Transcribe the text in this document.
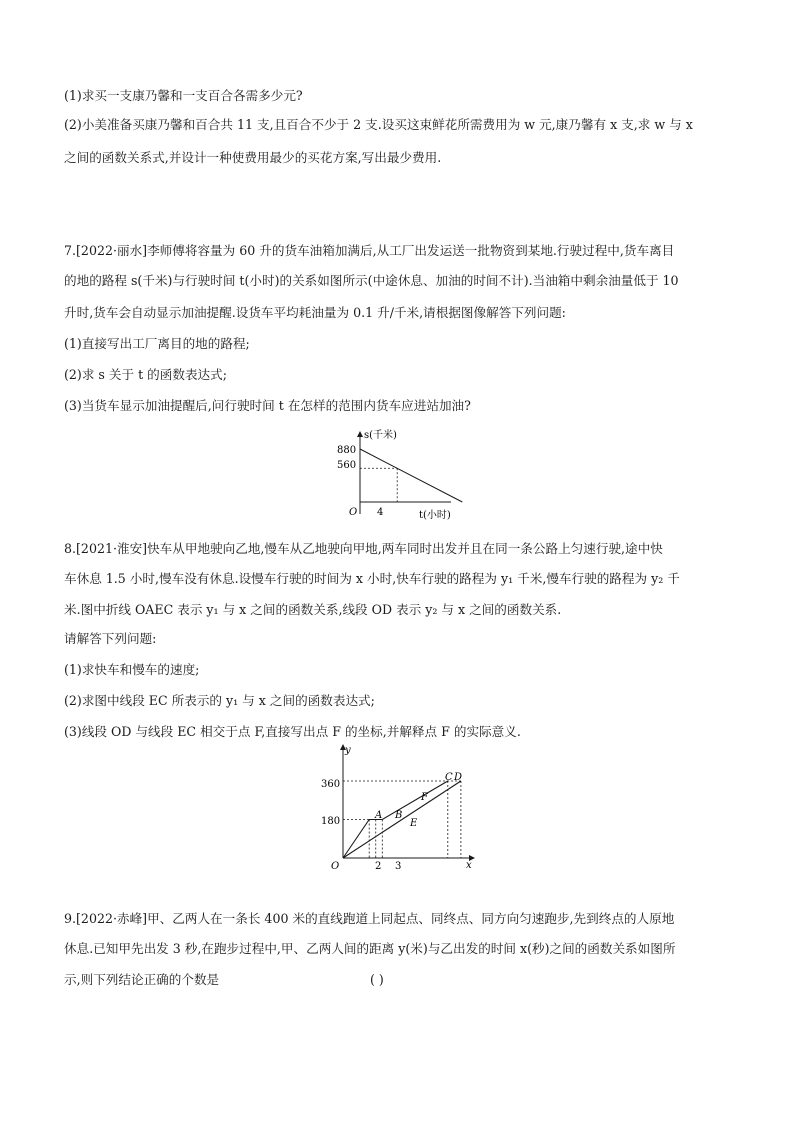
(1)求买一支康乃馨和一支百合各需多少元?
(2)小美准备买康乃馨和百合共 11 支,且百合不少于 2 支.设买这束鲜花所需费用为 w 元,康乃馨有 x 支,求 w 与 x
之间的函数关系式,并设计一种使费用最少的买花方案,写出最少费用.
7.[2022·丽水]李师傅将容量为 60 升的货车油箱加满后,从工厂出发运送一批物资到某地.行驶过程中,货车离目
的地的路程 s(千米)与行驶时间 t(小时)的关系如图所示(中途休息、加油的时间不计).当油箱中剩余油量低于 10
升时,货车会自动显示加油提醒.设货车平均耗油量为 0.1 升/千米,请根据图像解答下列问题:
(1)直接写出工厂离目的地的路程;
(2)求 s 关于 t 的函数表达式;
(3)当货车显示加油提醒后,问行驶时间 t 在怎样的范围内货车应进站加油?
s(千米)
880
560
4
O	t(小时)
8.[2021·淮安]快车从甲地驶向乙地,慢车从乙地驶向甲地,两车同时出发并且在同一条公路上匀速行驶,途中快
车休息 1.5 小时,慢车没有休息.设慢车行驶的时间为 x 小时,快车行驶的路程为 y₁ 千米,慢车行驶的路程为 y₂ 千
米.图中折线 OAEC 表示 y₁ 与 x 之间的函数关系,线段 OD 表示 y₂ 与 x 之间的函数关系.
请解答下列问题:
(1)求快车和慢车的速度;
(2)求图中线段 EC 所表示的 y₁ 与 x 之间的函数表达式;
(3)线段 OD 与线段 EC 相交于点 F,直接写出点 F 的坐标,并解释点 F 的实际意义.
y
x
360
180
2 3
O
A B
E
F
C D
9.[2022·赤峰]甲、乙两人在一条长 400 米的直线跑道上同起点、同终点、同方向匀速跑步,先到终点的人原地
休息.已知甲先出发 3 秒,在跑步过程中,甲、乙两人间的距离 y(米)与乙出发的时间 x(秒)之间的函数关系如图所
示,则下列结论正确的个数是	( )
